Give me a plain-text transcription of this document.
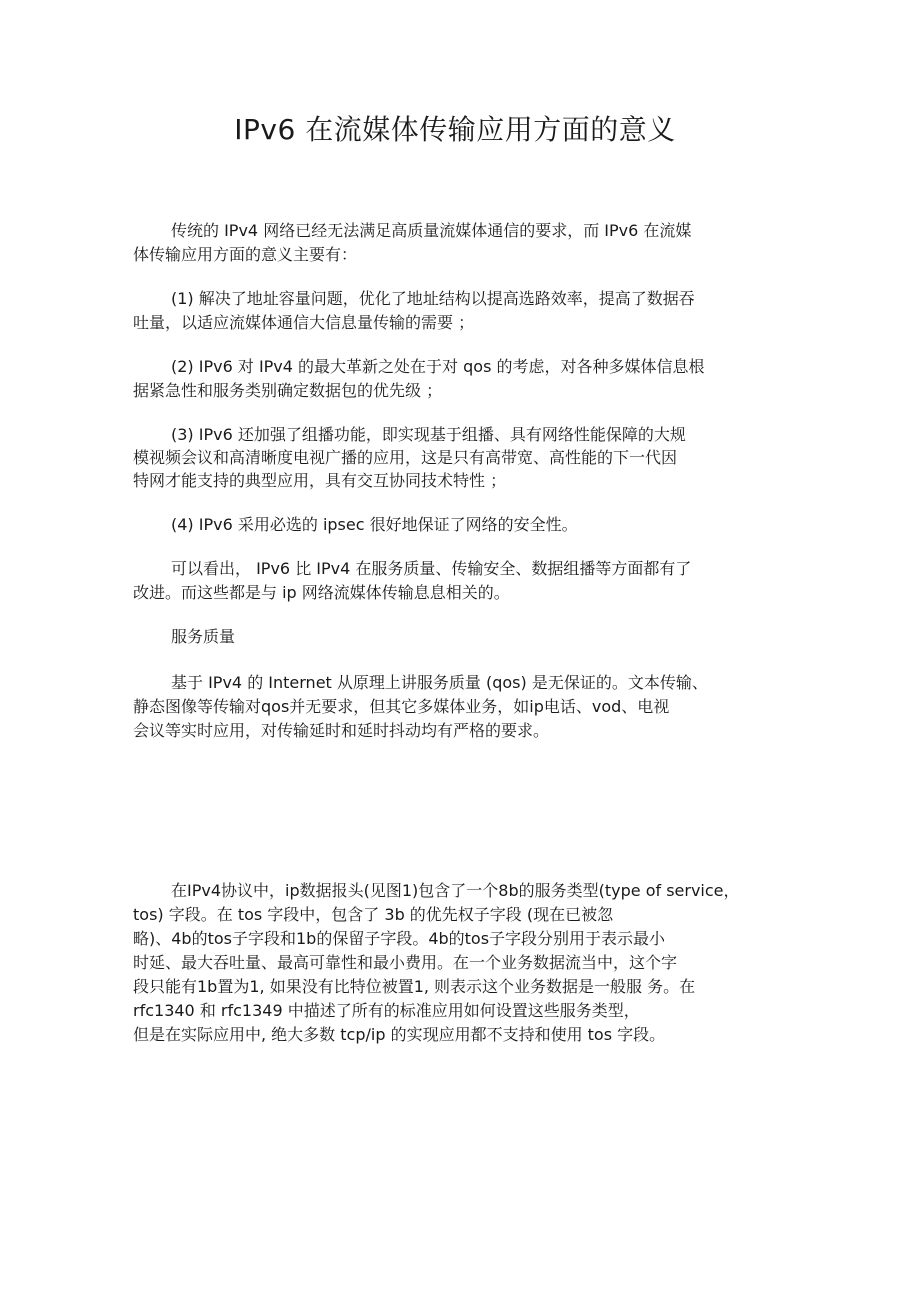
IPv6 在流媒体传输应用方面的意义

传统的 IPv4 网络已经无法满足高质量流媒体通信的要求，而 IPv6 在流媒

体传输应用方面的意义主要有：

(1) 解决了地址容量问题，优化了地址结构以提高选路效率，提高了数据吞

吐量，以适应流媒体通信大信息量传输的需要 ；

(2) IPv6 对 IPv4 的最大革新之处在于对 qos 的考虑，对各种多媒体信息根

据紧急性和服务类别确定数据包的优先级 ；

(3) IPv6 还加强了组播功能，即实现基于组播、具有网络性能保障的大规

模视频会议和高清晰度电视广播的应用，这是只有高带宽、高性能的下一代因

特网才能支持的典型应用，具有交互协同技术特性 ；

(4) IPv6 采用必选的 ipsec 很好地保证了网络的安全性。

可以看出， IPv6 比 IPv4 在服务质量、传输安全、数据组播等方面都有了

改进。而这些都是与 ip 网络流媒体传输息息相关的。

服务质量

基于 IPv4 的 Internet 从原理上讲服务质量 (qos) 是无保证的。文本传输、

静态图像等传输对qos并无要求，但其它多媒体业务，如ip电话、vod、电视

会议等实时应用，对传输延时和延时抖动均有严格的要求。

在IPv4协议中，ip数据报头(见图1)包含了一个8b的服务类型(type of service，

tos) 字段。在 tos 字段中，包含了 3b 的优先权子字段 (现在已被忽

略)、4b的tos子字段和1b的保留子字段。4b的tos子字段分别用于表示最小

时延、最大吞吐量、最高可靠性和最小费用。在一个业务数据流当中，这个字

段只能有1b置为1, 如果没有比特位被置1, 则表示这个业务数据是一般服 务。在

rfc1340 和 rfc1349 中描述了所有的标准应用如何设置这些服务类型，

但是在实际应用中, 绝大多数 tcp/ip 的实现应用都不支持和使用 tos 字段。
